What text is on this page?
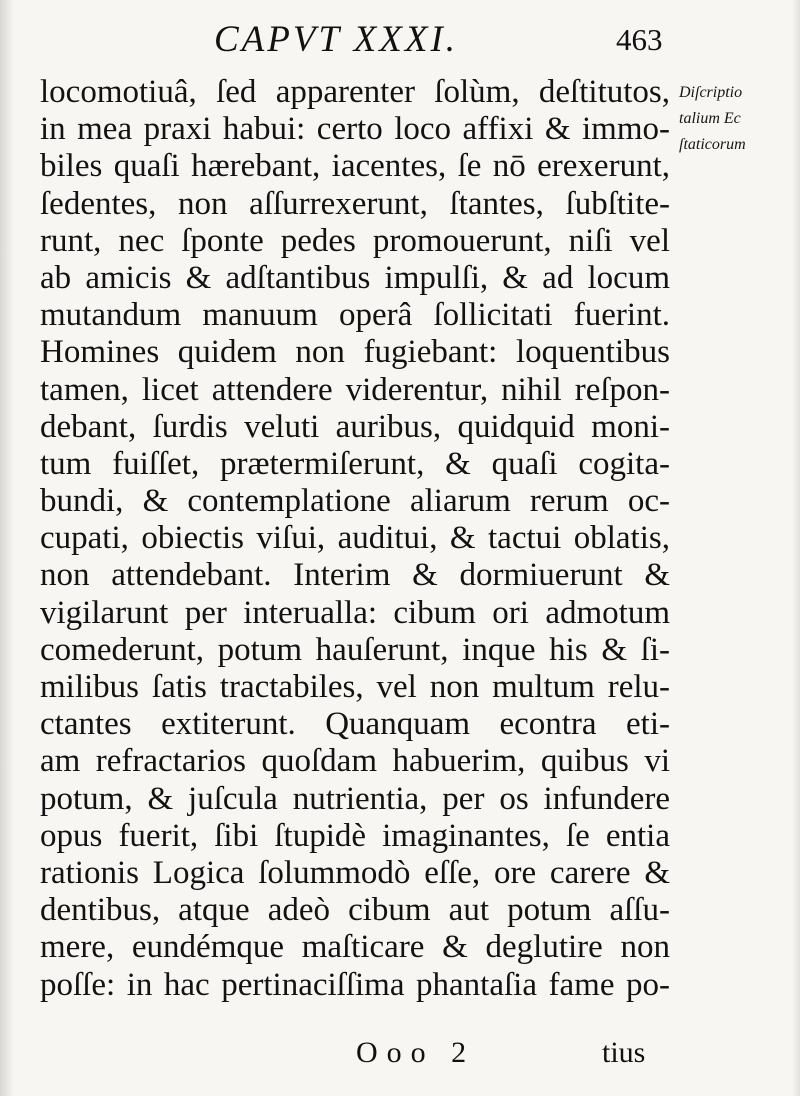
CAPVT XXXI.	463
locomotiuâ, ſed apparenter ſolùm, deſtitutos,
in mea praxi habui: certo loco affixi & immo-
biles quaſi hærebant, iacentes, ſe nō erexerunt,
ſedentes, non aſſurrexerunt, ſtantes, ſubſtite-
runt, nec ſponte pedes promouerunt, niſi vel
ab amicis & adſtantibus impulſi, & ad locum
mutandum manuum operâ ſollicitati fuerint.
Homines quidem non fugiebant: loquentibus
tamen, licet attendere viderentur, nihil reſpon-
debant, ſurdis veluti auribus, quidquid moni-
tum fuiſſet, prætermiſerunt, & quaſi cogita-
bundi, & contemplatione aliarum rerum oc-
cupati, obiectis viſui, auditui, & tactui oblatis,
non attendebant. Interim & dormiuerunt &
vigilarunt per interualla: cibum ori admotum
comederunt, potum hauſerunt, inque his & ſi-
milibus ſatis tractabiles, vel non multum relu-
ctantes extiterunt. Quanquam econtra eti-
am refractarios quoſdam habuerim, quibus vi
potum, & juſcula nutrientia, per os infundere
opus fuerit, ſibi ſtupidè imaginantes, ſe entia
rationis Logica ſolummodò eſſe, ore carere &
dentibus, atque adeò cibum aut potum aſſu-
mere, eundémque maſticare & deglutire non
poſſe: in hac pertinaciſſima phantaſia fame po-
Diſcriptio
talium Ec
ſtaticorum
Ooo 2	tius
